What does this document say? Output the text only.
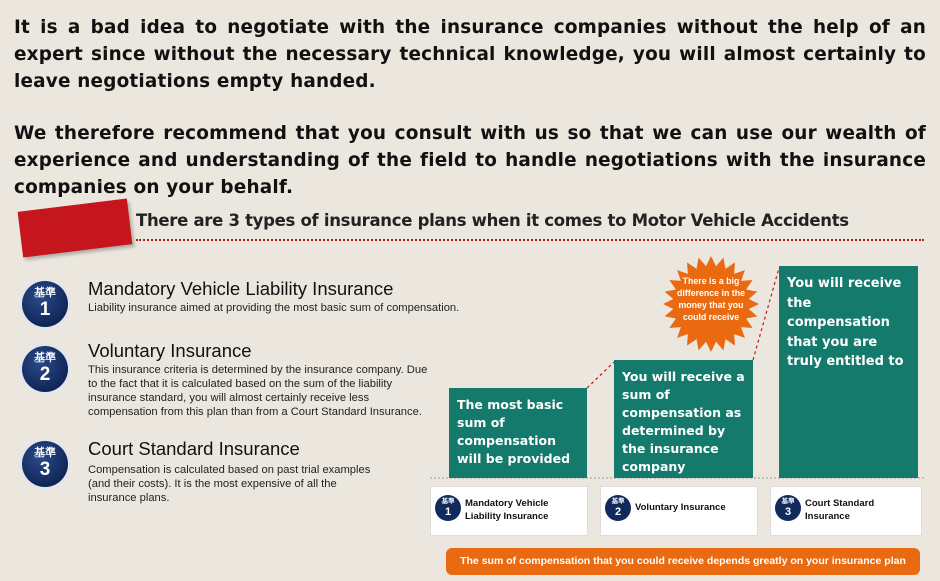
It is a bad idea to negotiate with the insurance companies without the help of an expert since without the necessary technical knowledge, you will almost certainly to leave negotiations empty handed.

We therefore recommend that you consult with us so that we can use our wealth of experience and understanding of the field to handle negotiations with the insurance companies on your behalf.

There are 3 types of insurance plans when it comes to Motor Vehicle Accidents
基準
1
Mandatory Vehicle Liability Insurance

Liability insurance aimed at providing the most basic sum of compensation.

基準
2
Voluntary Insurance

This insurance criteria is determined by the insurance company. Due to the fact that it is calculated based on the sum of the liability insurance standard, you will almost certainly receive less compensation from this plan than from a Court Standard Insurance.

基準
3
Court Standard Insurance

Compensation is calculated based on past trial examples (and their costs). It is the most expensive of all the insurance plans.

The most basic sum of compensation will be provided
You will receive a sum of compensation as determined by the insurance company
You will receive the compensation that you are truly entitled to
There is a big difference in the money that you could receive
基準
1
Mandatory Vehicle Liability Insurance
基準
2	Voluntary Insurance
基準
3
Court Standard Insurance
The sum of compensation that you could receive depends greatly on your insurance plan
